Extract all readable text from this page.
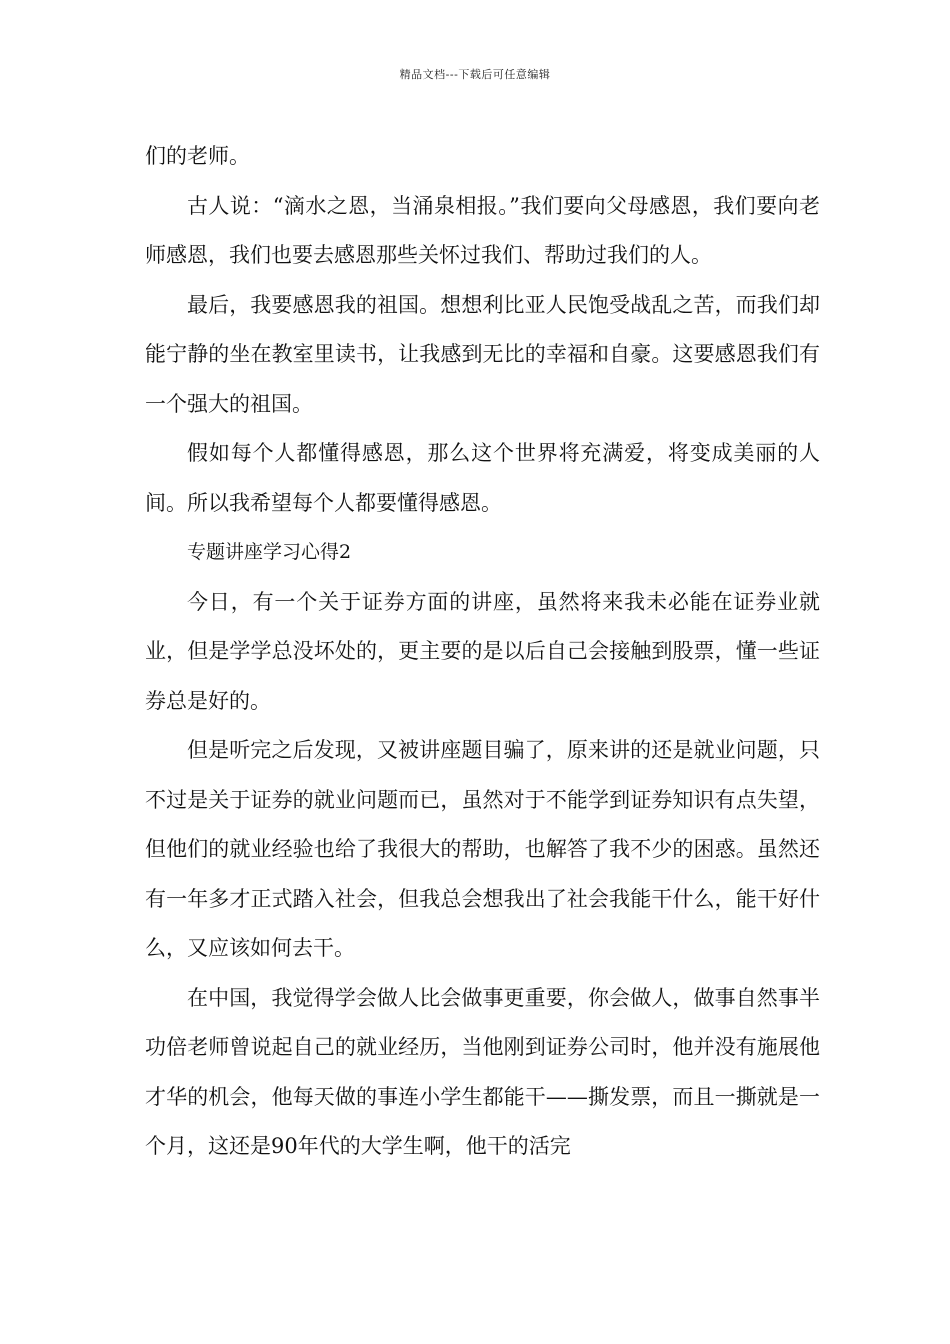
精品文档---下载后可任意编辑

们的老师。

古人说：“滴水之恩，当涌泉相报。”我们要向父母感恩，我们要向老师感恩，我们也要去感恩那些关怀过我们、帮助过我们的人。

最后，我要感恩我的祖国。想想利比亚人民饱受战乱之苦，而我们却能宁静的坐在教室里读书，让我感到无比的幸福和自豪。这要感恩我们有一个强大的祖国。

假如每个人都懂得感恩，那么这个世界将充满爱，将变成美丽的人间。所以我希望每个人都要懂得感恩。

专题讲座学习心得2

今日，有一个关于证券方面的讲座，虽然将来我未必能在证券业就业，但是学学总没坏处的，更主要的是以后自己会接触到股票，懂一些证券总是好的。

但是听完之后发现，又被讲座题目骗了，原来讲的还是就业问题，只不过是关于证券的就业问题而已，虽然对于不能学到证券知识有点失望，但他们的就业经验也给了我很大的帮助，也解答了我不少的困惑。虽然还有一年多才正式踏入社会，但我总会想我出了社会我能干什么，能干好什么，又应该如何去干。

在中国，我觉得学会做人比会做事更重要，你会做人，做事自然事半功倍老师曾说起自己的就业经历，当他刚到证券公司时，他并没有施展他才华的机会，他每天做的事连小学生都能干——撕发票，而且一撕就是一个月，这还是90年代的大学生啊，他干的活完
